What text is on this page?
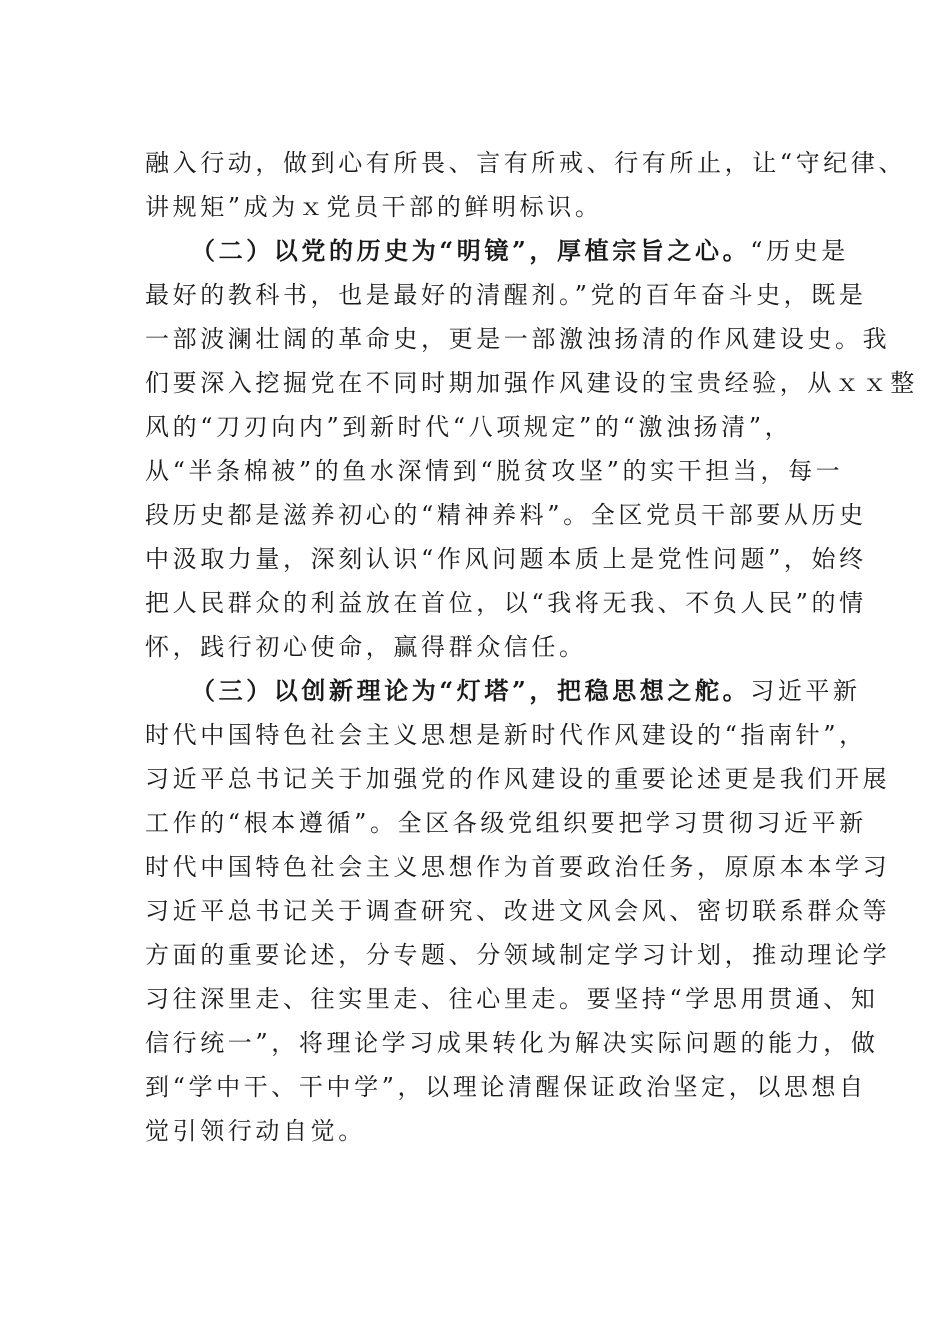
融入行动，做到心有所畏、言有所戒、行有所止，让“守纪律、
讲规矩”成为ｘ党员干部的鲜明标识。
（二）以党的历史为“明镜”，厚植宗旨之心。“历史是
最好的教科书，也是最好的清醒剂。”党的百年奋斗史，既是
一部波澜壮阔的革命史，更是一部激浊扬清的作风建设史。我
们要深入挖掘党在不同时期加强作风建设的宝贵经验，从ｘｘ整
风的“刀刃向内”到新时代“八项规定”的“激浊扬清”，
从“半条棉被”的鱼水深情到“脱贫攻坚”的实干担当，每一
段历史都是滋养初心的“精神养料”。全区党员干部要从历史
中汲取力量，深刻认识“作风问题本质上是党性问题”，始终
把人民群众的利益放在首位，以“我将无我、不负人民”的情
怀，践行初心使命，赢得群众信任。
（三）以创新理论为“灯塔”，把稳思想之舵。习近平新
时代中国特色社会主义思想是新时代作风建设的“指南针”，
习近平总书记关于加强党的作风建设的重要论述更是我们开展
工作的“根本遵循”。全区各级党组织要把学习贯彻习近平新
时代中国特色社会主义思想作为首要政治任务，原原本本学习
习近平总书记关于调查研究、改进文风会风、密切联系群众等
方面的重要论述，分专题、分领域制定学习计划，推动理论学
习往深里走、往实里走、往心里走。要坚持“学思用贯通、知
信行统一”，将理论学习成果转化为解决实际问题的能力，做
到“学中干、干中学”，以理论清醒保证政治坚定，以思想自
觉引领行动自觉。
